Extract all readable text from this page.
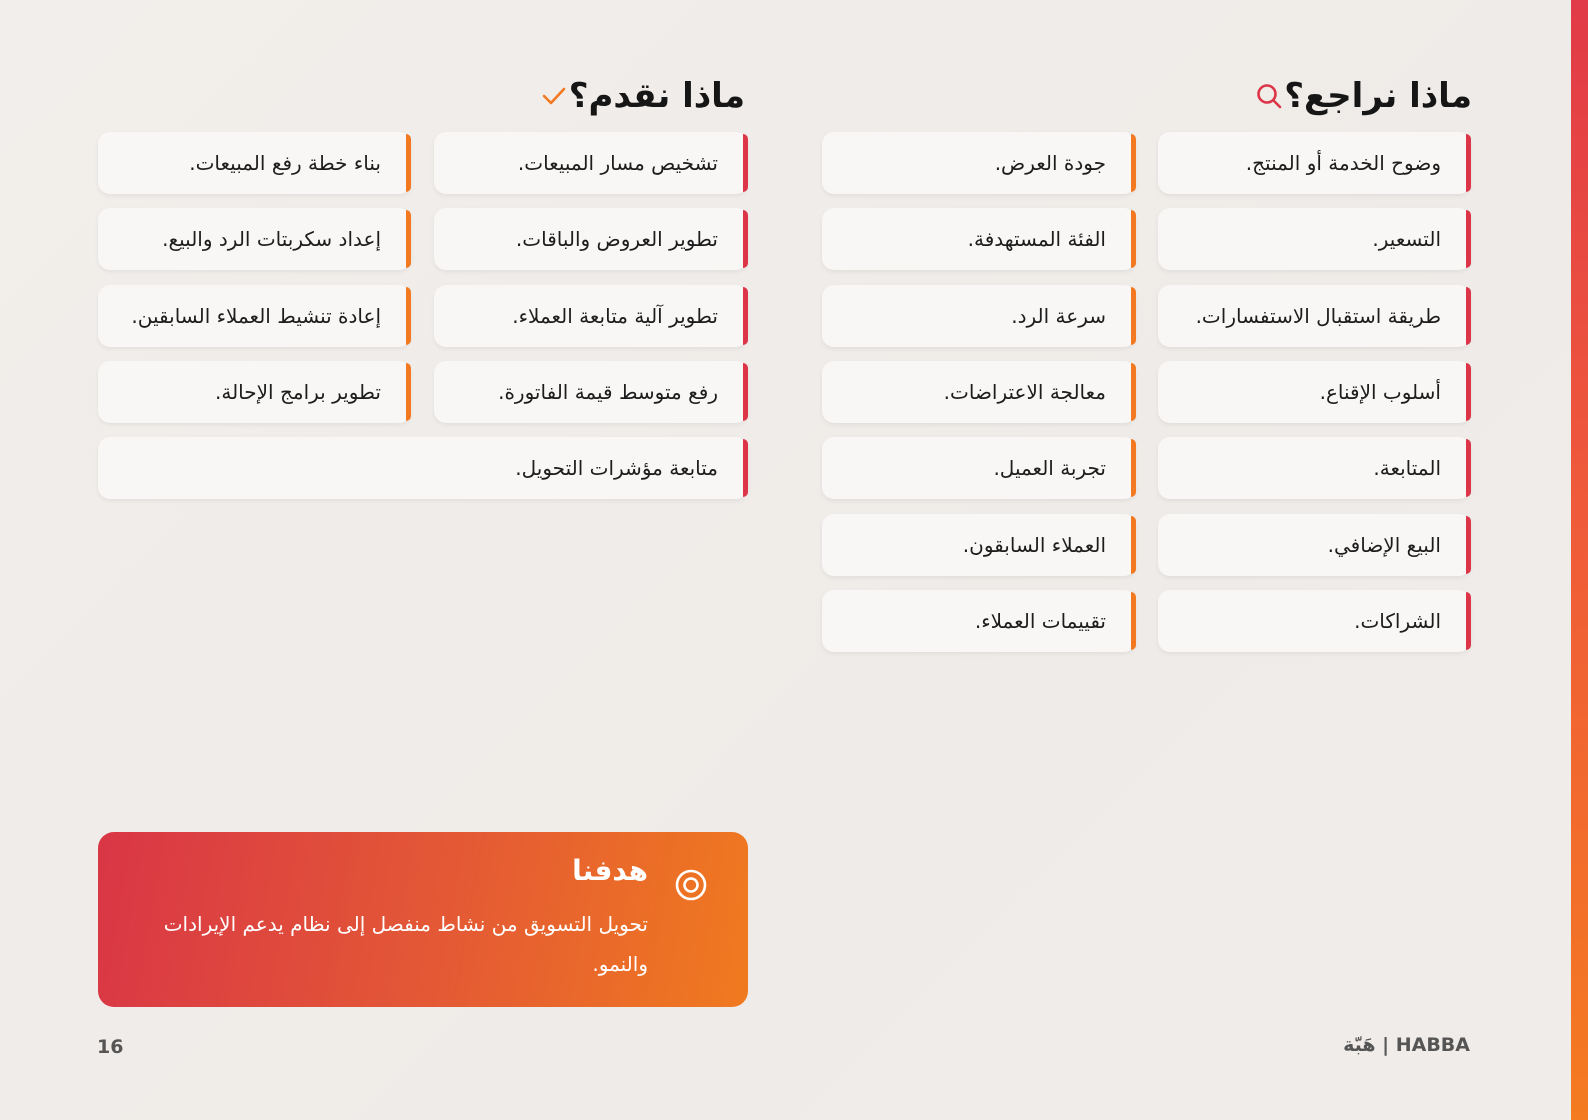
ماذا نراجع؟
وضوح الخدمة أو المنتج.
التسعير.
طريقة استقبال الاستفسارات.
أسلوب الإقناع.
المتابعة.
البيع الإضافي.
الشراكات.
جودة العرض.
الفئة المستهدفة.
سرعة الرد.
معالجة الاعتراضات.
تجربة العميل.
العملاء السابقون.
تقييمات العملاء.
ماذا نقدم؟
تشخيص مسار المبيعات.
تطوير العروض والباقات.
تطوير آلية متابعة العملاء.
رفع متوسط قيمة الفاتورة.
بناء خطة رفع المبيعات.
إعداد سكربتات الرد والبيع.
إعادة تنشيط العملاء السابقين.
تطوير برامج الإحالة.
متابعة مؤشرات التحويل.
هدفنا
تحويل التسويق من نشاط منفصل إلى نظام يدعم الإيرادات والنمو.
16	HABBA | هَبّة
